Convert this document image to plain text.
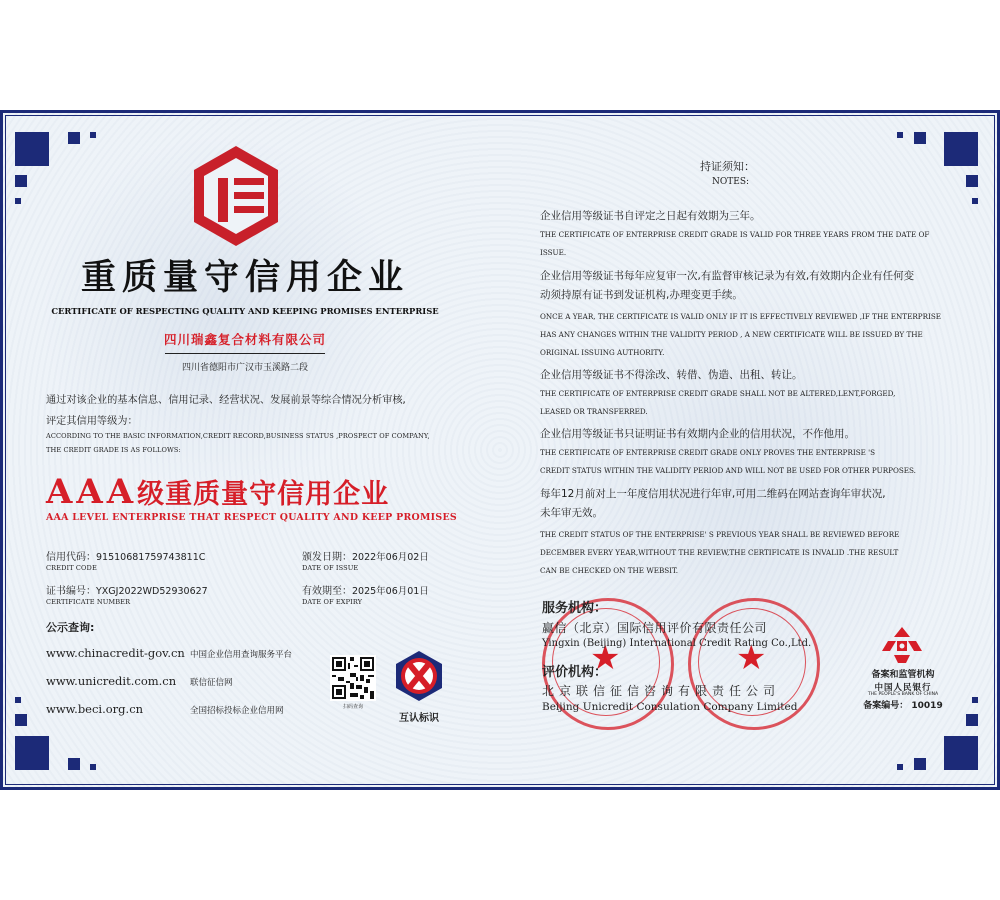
重质量守信用企业
CERTIFICATE OF RESPECTING QUALITY AND KEEPING PROMISES ENTERPRISE
四川瑞鑫复合材料有限公司
四川省德阳市广汉市玉溪路二段
通过对该企业的基本信息、信用记录、经营状况、发展前景等综合情况分析审核,
评定其信用等级为：
ACCORDING TO THE BASIC INFORMATION,CREDIT RECORD,BUSINESS STATUS ,PROSPECT OF COMPANY,
THE CREDIT GRADE IS AS FOLLOWS:
AAA级重质量守信用企业
AAA LEVEL ENTERPRISE THAT RESPECT QUALITY AND KEEP PROMISES
信用代码：91510681759743811C
CREDIT CODE
颁发日期：2022年06月02日
DATE OF ISSUE
证书编号：YXGJ2022WD52930627
CERTIFICATE NUMBER
有效期至：2025年06月01日
DATE OF EXPIRY
公示查询:
www.chinacredit-gov.cn 中国企业信用查询服务平台
www.unicredit.com.cn 联信征信网
www.beci.org.cn	全国招标投标企业信用网	扫码查询
互认标识
持证须知：
NOTES:
企业信用等级证书自评定之日起有效期为三年。
THE CERTIFICATE OF ENTERPRISE CREDIT GRADE IS VALID FOR THREE YEARS FROM THE DATE OF
ISSUE.
企业信用等级证书每年应复审一次,有监督审核记录为有效,有效期内企业有任何变
动须持原有证书到发证机构,办理变更手续。
ONCE A YEAR, THE CERTIFICATE IS VALID ONLY IF IT IS EFFECTIVELY REVIEWED ,IF THE ENTERPRISE
HAS ANY CHANGES WITHIN THE VALIDITY PERIOD , A NEW CERTIFICATE WILL BE ISSUED BY THE
ORIGINAL ISSUING AUTHORITY.
企业信用等级证书不得涂改、转借、伪造、出租、转让。
THE CERTIFICATE OF ENTERPRISE CREDIT GRADE SHALL NOT BE ALTERED,LENT,FORGED,
LEASED OR TRANSFERRED.
企业信用等级证书只证明证书有效期内企业的信用状况，不作他用。
THE CERTIFICATE OF ENTERPRISE CREDIT GRADE ONLY PROVES THE ENTERPRISE 'S
CREDIT STATUS WITHIN THE VALIDITY PERIOD AND WILL NOT BE USED FOR OTHER PURPOSES.
每年12月前对上一年度信用状况进行年审,可用二维码在网站查询年审状况,
未年审无效。
THE CREDIT STATUS OF THE ENTERPRISE' S PREVIOUS YEAR SHALL BE REVIEWED BEFORE
DECEMBER EVERY YEAR,WITHOUT THE REVIEW,THE CERTIFICATE IS INVALID .THE RESULT
CAN BE CHECKED ON THE WEBSIT.
★	★
服务机构：
赢信（北京）国际信用评价有限责任公司
Yingxin (Beijing) International Credit Rating Co.,Ltd.
评价机构：
北京联信征信咨询有限责任公司
Beijing Unicredit Consulation Company Limited
备案和监管机构
中国人民银行
THE PEOPLE'S BANK OF CHINA
备案编号： 10019
